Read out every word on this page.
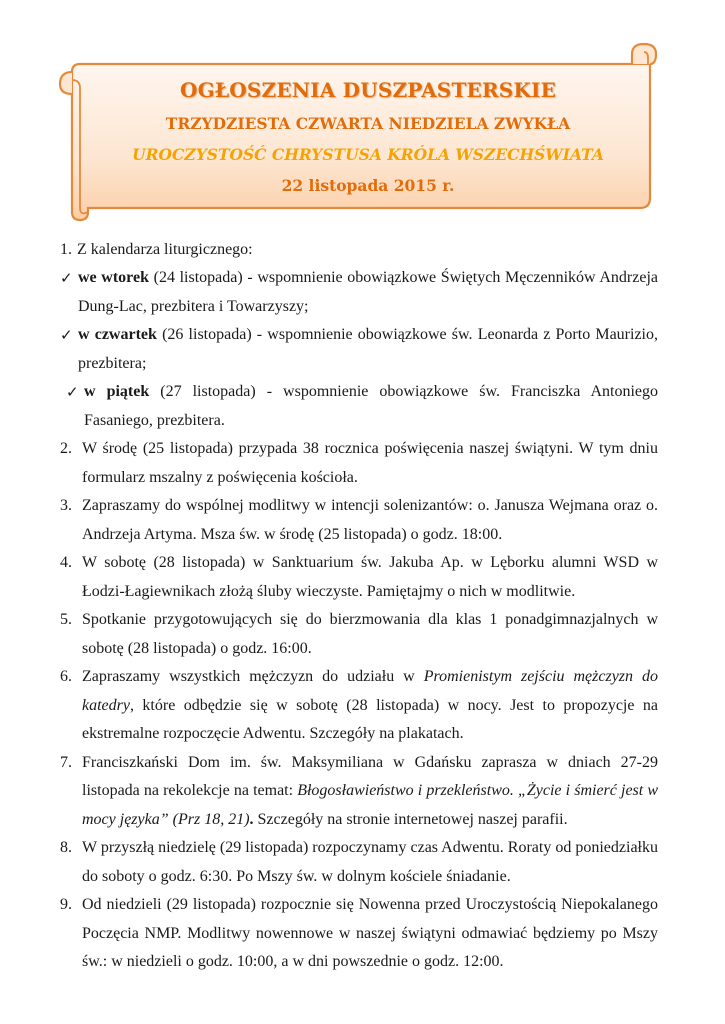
OGŁOSZENIA DUSZPASTERSKIE
TRZYDZIESTA CZWARTA NIEDZIELA ZWYKŁA
UROCZYSTOŚĆ CHRYSTUSA KRÓLA WSZECHŚWIATA
22 listopada 2015 r.
1. Z kalendarza liturgicznego:
✓ we wtorek (24 listopada) - wspomnienie obowiązkowe Świętych Męczenników Andrzeja Dung-Lac, prezbitera i Towarzyszy;
✓ w czwartek (26 listopada) - wspomnienie obowiązkowe św. Leonarda z Porto Maurizio, prezbitera;
✓ w piątek (27 listopada) - wspomnienie obowiązkowe św. Franciszka Antoniego Fasaniego, prezbitera.
2. W środę (25 listopada) przypada 38 rocznica poświęcenia naszej świątyni. W tym dniu formularz mszalny z poświęcenia kościoła.
3. Zapraszamy do wspólnej modlitwy w intencji solenizantów: o. Janusza Wejmana oraz o. Andrzeja Artyma. Msza św. w środę (25 listopada) o godz. 18:00.
4. W sobotę (28 listopada) w Sanktuarium św. Jakuba Ap. w Lęborku alumni WSD w Łodzi-Łagiewnikach złożą śluby wieczyste. Pamiętajmy o nich w modlitwie.
5. Spotkanie przygotowujących się do bierzmowania dla klas 1 ponadgimnazjalnych w sobotę (28 listopada) o godz. 16:00.
6. Zapraszamy wszystkich mężczyzn do udziału w Promienistym zejściu mężczyzn do katedry, które odbędzie się w sobotę (28 listopada) w nocy. Jest to propozycje na ekstremalne rozpoczęcie Adwentu. Szczegóły na plakatach.
7. Franciszkański Dom im. św. Maksymiliana w Gdańsku zaprasza w dniach 27-29 listopada na rekolekcje na temat: Błogosławieństwo i przekleństwo. „Życie i śmierć jest w mocy języka” (Prz 18, 21). Szczegóły na stronie internetowej naszej parafii.
8. W przyszłą niedzielę (29 listopada) rozpoczynamy czas Adwentu. Roraty od poniedziałku do soboty o godz. 6:30. Po Mszy św. w dolnym kościele śniadanie.
9. Od niedzieli (29 listopada) rozpocznie się Nowenna przed Uroczystością Niepokalanego Poczęcia NMP. Modlitwy nowennowe w naszej świątyni odmawiać będziemy po Mszy św.: w niedzieli o godz. 10:00, a w dni powszednie o godz. 12:00.
